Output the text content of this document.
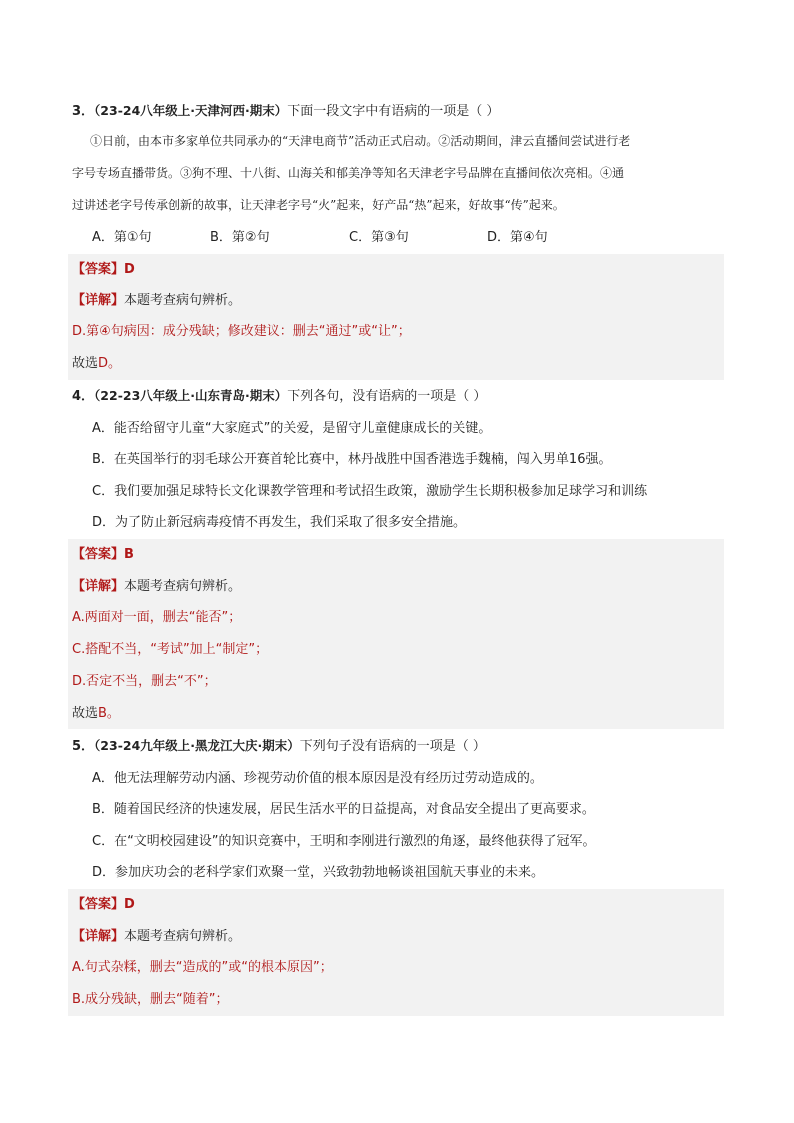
3．（23-24八年级上·天津河西·期末）下面一段文字中有语病的一项是（ ）
①日前，由本市多家单位共同承办的“天津电商节”活动正式启动。②活动期间，津云直播间尝试进行老
字号专场直播带货。③狗不理、十八街、山海关和郁美净等知名天津老字号品牌在直播间依次亮相。④通
过讲述老字号传承创新的故事，让天津老字号“火”起来，好产品“热”起来，好故事“传”起来。
A．第①句	B．第②句	C．第③句	D．第④句
【答案】D
【详解】本题考查病句辨析。
D.第④句病因：成分残缺；修改建议：删去“通过”或“让”；
故选D。
4．（22-23八年级上·山东青岛·期末）下列各句，没有语病的一项是（ ）
A．能否给留守儿童“大家庭式”的关爱，是留守儿童健康成长的关键。
B．在英国举行的羽毛球公开赛首轮比赛中，林丹战胜中国香港选手魏楠，闯入男单16强。
C．我们要加强足球特长文化课教学管理和考试招生政策，激励学生长期积极参加足球学习和训练
D．为了防止新冠病毒疫情不再发生，我们采取了很多安全措施。
【答案】B
【详解】本题考查病句辨析。
A.两面对一面，删去“能否”；
C.搭配不当，“考试”加上“制定”；
D.否定不当，删去“不”；
故选B。
5．（23-24九年级上·黑龙江大庆·期末）下列句子没有语病的一项是（ ）
A．他无法理解劳动内涵、珍视劳动价值的根本原因是没有经历过劳动造成的。
B．随着国民经济的快速发展，居民生活水平的日益提高，对食品安全提出了更高要求。
C．在“文明校园建设”的知识竞赛中，王明和李刚进行激烈的角逐，最终他获得了冠军。
D．参加庆功会的老科学家们欢聚一堂，兴致勃勃地畅谈祖国航天事业的未来。
【答案】D
【详解】本题考查病句辨析。
A.句式杂糅，删去“造成的”或“的根本原因”；
B.成分残缺，删去“随着”；
